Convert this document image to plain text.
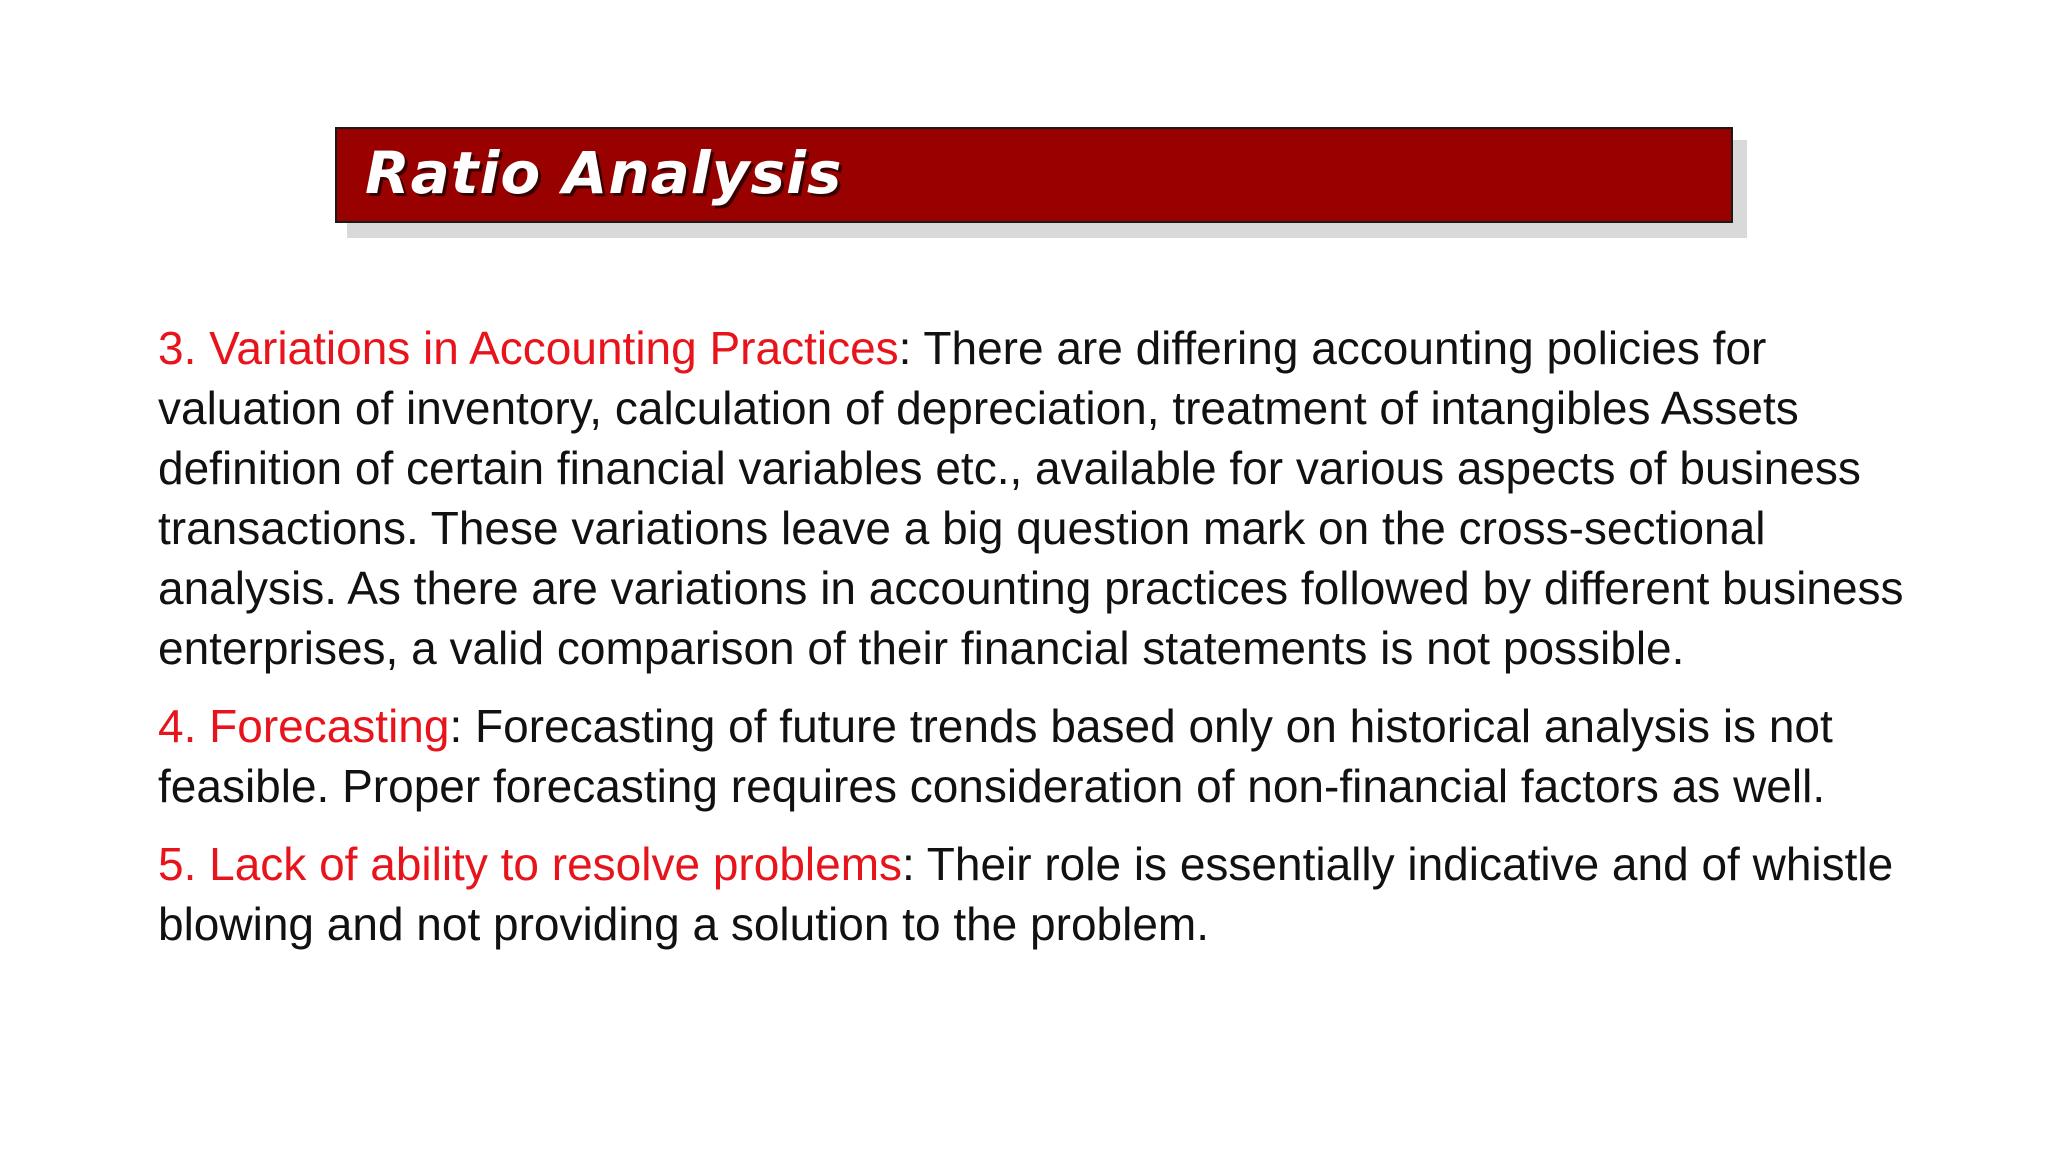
Ratio Analysis

3. Variations in Accounting Practices: There are differing accounting policies for valuation of inventory, calculation of depreciation, treatment of intangibles Assets definition of certain financial variables etc., available for various aspects of business transactions. These variations leave a big question mark on the cross-sectional analysis. As there are variations in accounting practices followed by different business enterprises, a valid comparison of their financial statements is not possible.

4. Forecasting: Forecasting of future trends based only on historical analysis is not feasible. Proper forecasting requires consideration of non-financial factors as well.

5. Lack of ability to resolve problems: Their role is essentially indicative and of whistle blowing and not providing a solution to the problem.
